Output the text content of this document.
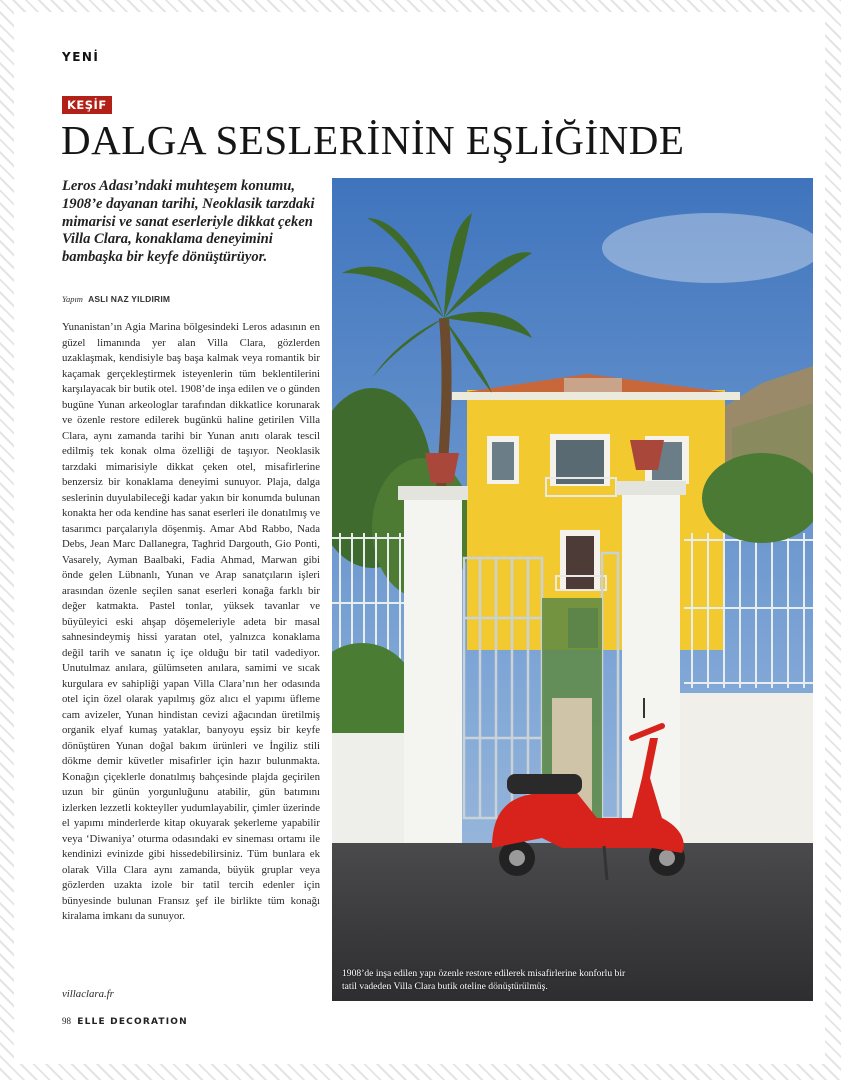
YENİ
KEŞİF
DALGA SESLERİNİN EŞLİĞİNDE

Leros Adası’ndaki muhteşem konumu, 1908’e dayanan tarihi, Neoklasik tarzdaki mimarisi ve sanat eserleriyle dikkat çeken Villa Clara, konaklama deneyimini bambaşka bir keyfe dönüştürüyor.

Yapım ASLI NAZ YILDIRIM

Yunanistan’ın Agia Marina bölgesindeki Leros adasının en güzel limanında yer alan Villa Clara, gözlerden uzaklaşmak, kendisiyle baş başa kalmak veya romantik bir kaçamak gerçekleştirmek isteyenlerin tüm beklentilerini karşılayacak bir butik otel. 1908’de inşa edilen ve o günden bugüne Yunan arkeologlar tarafından dikkatlice korunarak ve özenle restore edilerek bugünkü haline getirilen Villa Clara, aynı zamanda tarihi bir Yunan anıtı olarak tescil edilmiş tek konak olma özelliği de taşıyor. Neoklasik tarzdaki mimarisiyle dikkat çeken otel, misafirlerine benzersiz bir konaklama deneyimi sunuyor. Plaja, dalga seslerinin duyulabileceği kadar yakın bir konumda bulunan konakta her oda kendine has sanat eserleri ile donatılmış ve tasarımcı parçalarıyla döşenmiş. Amar Abd Rabbo, Nada Debs, Jean Marc Dallanegra, Taghrid Dargouth, Gio Ponti, Vasarely, Ayman Baalbaki, Fadia Ahmad, Marwan gibi önde gelen Lübnanlı, Yunan ve Arap sanatçıların işleri arasından özenle seçilen sanat eserleri konağa farklı bir değer katmakta. Pastel tonlar, yüksek tavanlar ve büyüleyici eski ahşap döşemeleriyle adeta bir masal sahnesindeymiş hissi yaratan otel, yalnızca konaklama değil tarih ve sanatın iç içe olduğu bir tatil vadediyor. Unutulmaz anılara, gülümseten anılara, samimi ve sıcak kurgulara ev sahipliği yapan Villa Clara’nın her odasında otel için özel olarak yapılmış göz alıcı el yapımı üfleme cam avizeler, Yunan hindistan cevizi ağacından üretilmiş organik elyaf kumaş yataklar, banyoyu eşsiz bir keyfe dönüştüren Yunan doğal bakım ürünleri ve İngiliz stili dökme demir küvetler misafirler için hazır bulunmakta. Konağın çiçeklerle donatılmış bahçesinde plajda geçirilen uzun bir günün yorgunluğunu atabilir, gün batımını izlerken lezzetli kokteyller yudumlayabilir, çimler üzerinde el yapımı minderlerde kitap okuyarak şekerleme yapabilir veya ‘Diwaniya’ oturma odasındaki ev sineması ortamı ile kendinizi evinizde gibi hissedebilirsiniz. Tüm bunlara ek olarak Villa Clara aynı zamanda, büyük gruplar veya gözlerden uzakta izole bir tatil tercih edenler için bünyesinde bulunan Fransız şef ile birlikte tüm konağı kiralama imkanı da sunuyor.

villaclara.fr
98 ELLE DECORATION

1908’de inşa edilen yapı özenle restore edilerek misafirlerine konforlu bir tatil vadeden Villa Clara butik oteline dönüştürülmüş.
